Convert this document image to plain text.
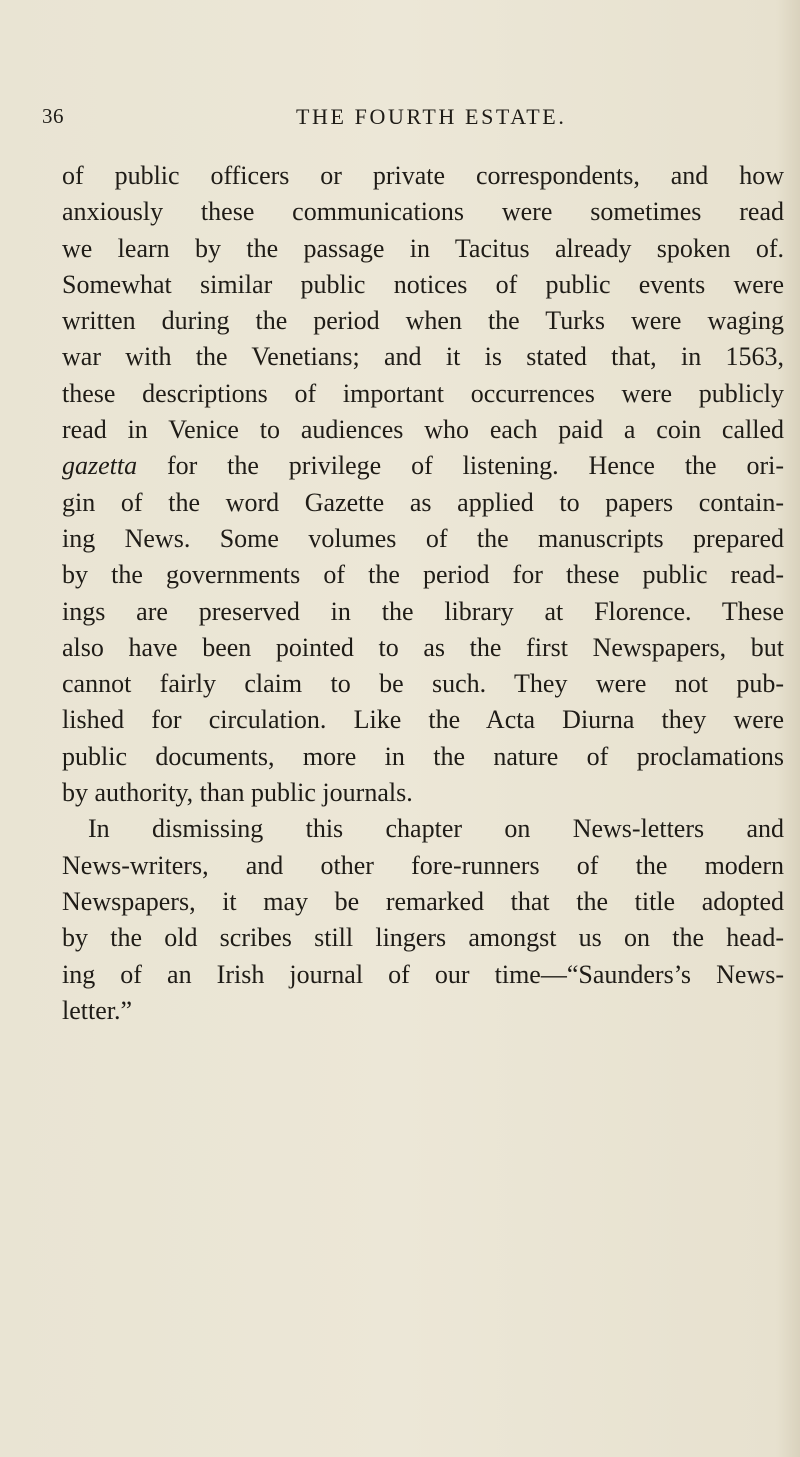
36	THE FOURTH ESTATE.
of public officers or private correspondents, and how
anxiously these communications were sometimes read
we learn by the passage in Tacitus already spoken of.
Somewhat similar public notices of public events were
written during the period when the Turks were waging
war with the Venetians; and it is stated that, in 1563,
these descriptions of important occurrences were publicly
read in Venice to audiences who each paid a coin called
gazetta for the privilege of listening. Hence the ori-
gin of the word Gazette as applied to papers contain-
ing News. Some volumes of the manuscripts prepared
by the governments of the period for these public read-
ings are preserved in the library at Florence. These
also have been pointed to as the first Newspapers, but
cannot fairly claim to be such. They were not pub-
lished for circulation. Like the Acta Diurna they were
public documents, more in the nature of proclamations
by authority, than public journals.
In dismissing this chapter on News-letters and
News-writers, and other fore-runners of the modern
Newspapers, it may be remarked that the title adopted
by the old scribes still lingers amongst us on the head-
ing of an Irish journal of our time—“Saunders’s News-
letter.”
